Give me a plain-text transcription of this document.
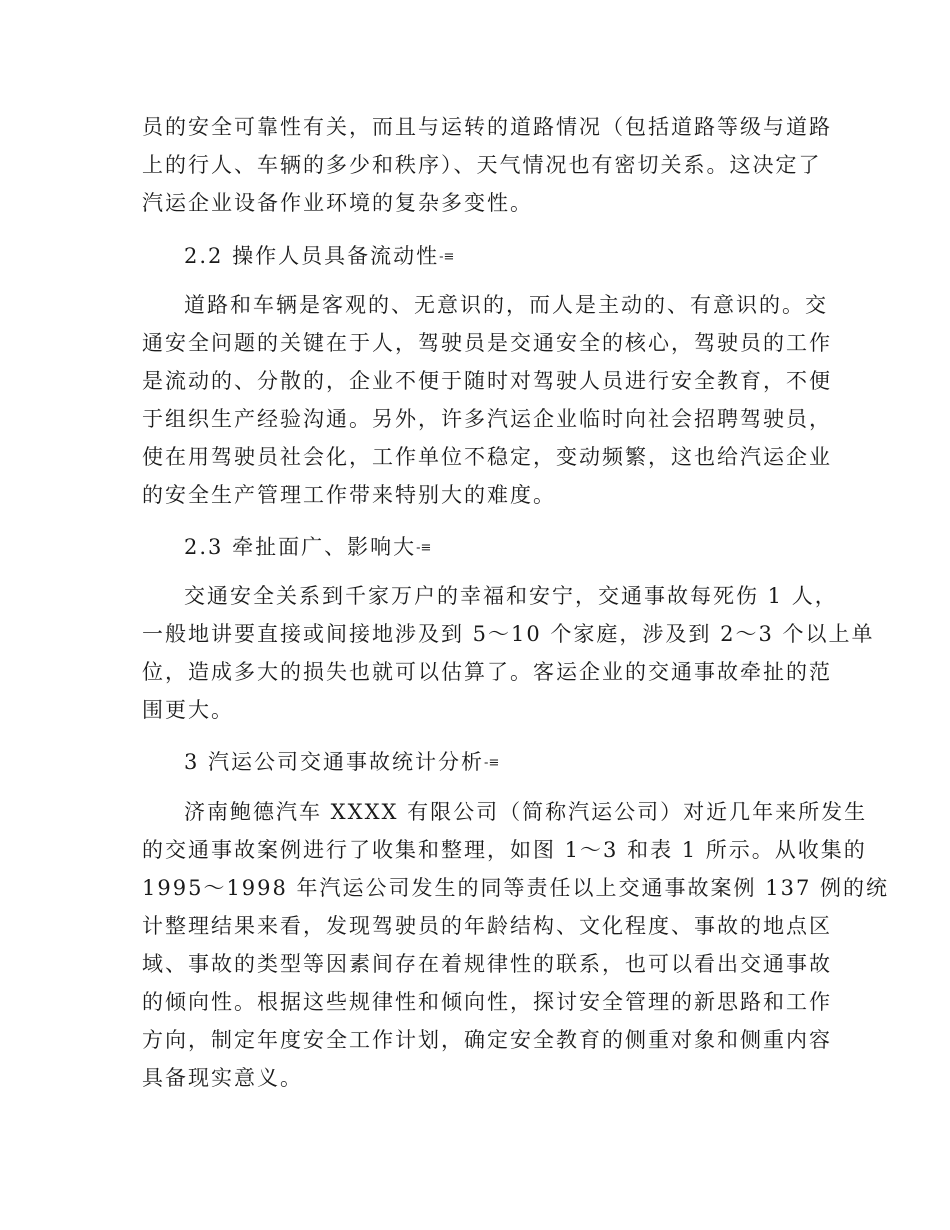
员的安全可靠性有关，而且与运转的道路情况（包括道路等级与道路
上的行人、车辆的多少和秩序）、天气情况也有密切关系。这决定了
汽运企业设备作业环境的复杂多变性。

2.2 操作人员具备流动性-≡

道路和车辆是客观的、无意识的，而人是主动的、有意识的。交
通安全问题的关键在于人，驾驶员是交通安全的核心，驾驶员的工作
是流动的、分散的，企业不便于随时对驾驶人员进行安全教育，不便
于组织生产经验沟通。另外，许多汽运企业临时向社会招聘驾驶员，
使在用驾驶员社会化，工作单位不稳定，变动频繁，这也给汽运企业
的安全生产管理工作带来特别大的难度。

2.3 牵扯面广、影响大-≡

交通安全关系到千家万户的幸福和安宁，交通事故每死伤 1 人，
一般地讲要直接或间接地涉及到 5～10 个家庭，涉及到 2～3 个以上单
位，造成多大的损失也就可以估算了。客运企业的交通事故牵扯的范
围更大。

3 汽运公司交通事故统计分析-≡

济南鲍德汽车 XXXX 有限公司（简称汽运公司）对近几年来所发生
的交通事故案例进行了收集和整理，如图 1～3 和表 1 所示。从收集的
1995～1998 年汽运公司发生的同等责任以上交通事故案例 137 例的统
计整理结果来看，发现驾驶员的年龄结构、文化程度、事故的地点区
域、事故的类型等因素间存在着规律性的联系，也可以看出交通事故
的倾向性。根据这些规律性和倾向性，探讨安全管理的新思路和工作
方向，制定年度安全工作计划，确定安全教育的侧重对象和侧重内容
具备现实意义。
